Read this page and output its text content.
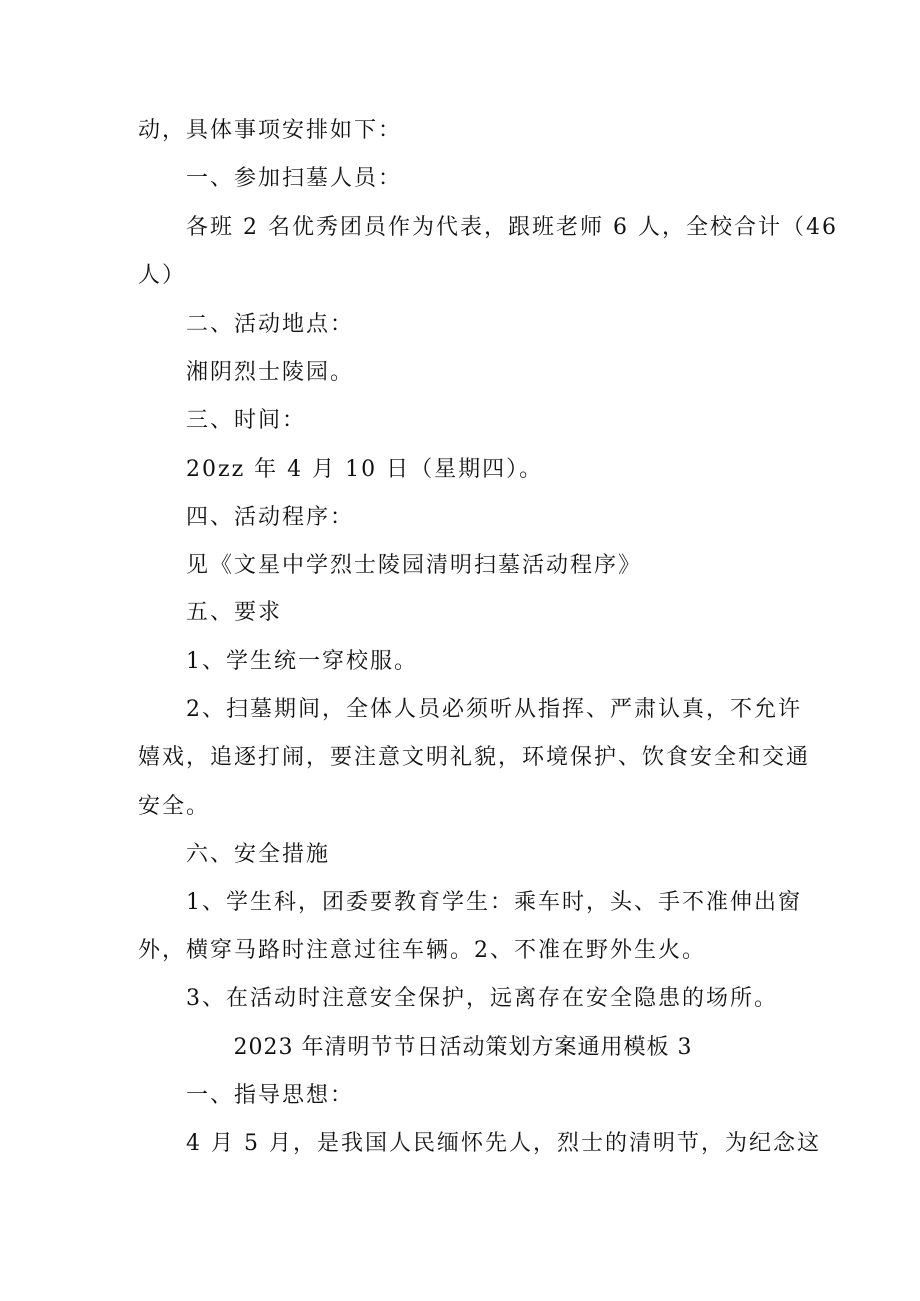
动，具体事项安排如下：
一、参加扫墓人员：
各班 2 名优秀团员作为代表，跟班老师 6 人，全校合计（46
人）
二、活动地点：
湘阴烈士陵园。
三、时间：
20zz 年 4 月 10 日（星期四）。
四、活动程序：
见《文星中学烈士陵园清明扫墓活动程序》
五、要求
1、学生统一穿校服。
2、扫墓期间，全体人员必须听从指挥、严肃认真，不允许
嬉戏，追逐打闹，要注意文明礼貌，环境保护、饮食安全和交通
安全。
六、安全措施
1、学生科，团委要教育学生：乘车时，头、手不准伸出窗
外，横穿马路时注意过往车辆。2、不准在野外生火。
3、在活动时注意安全保护，远离存在安全隐患的场所。
2023 年清明节节日活动策划方案通用模板 3
一、指导思想：
4 月 5 月，是我国人民缅怀先人，烈士的清明节，为纪念这
